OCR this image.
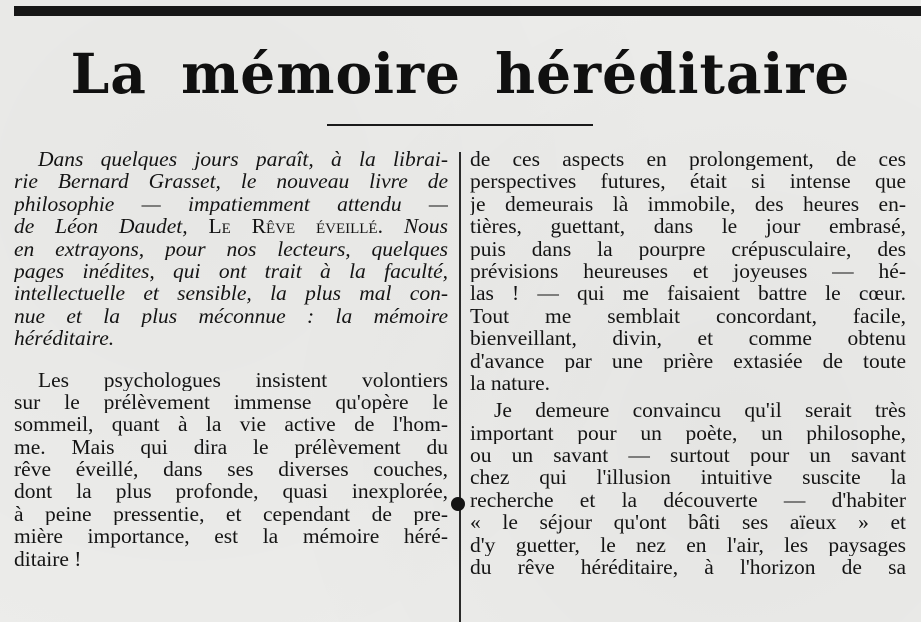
La mémoire héréditaire
Dans quelques jours paraît, à la librai-
rie Bernard Grasset, le nouveau livre de
philosophie — impatiemment attendu —
de Léon Daudet, Le Rêve éveillé. Nous
en extrayons, pour nos lecteurs, quelques
pages inédites, qui ont trait à la faculté,
intellectuelle et sensible, la plus mal con-
nue et la plus méconnue : la mémoire
héréditaire.
Les psychologues insistent volontiers
sur le prélèvement immense qu'opère le
sommeil, quant à la vie active de l'hom-
me. Mais qui dira le prélèvement du
rêve éveillé, dans ses diverses couches,
dont la plus profonde, quasi inexplorée,
à peine pressentie, et cependant de pre-
mière importance, est la mémoire héré-
ditaire !
de ces aspects en prolongement, de ces
perspectives futures, était si intense que
je demeurais là immobile, des heures en-
tières, guettant, dans le jour embrasé,
puis dans la pourpre crépusculaire, des
prévisions heureuses et joyeuses — hé-
las ! — qui me faisaient battre le cœur.
Tout me semblait concordant, facile,
bienveillant, divin, et comme obtenu
d'avance par une prière extasiée de toute
la nature.
Je demeure convaincu qu'il serait très
important pour un poète, un philosophe,
ou un savant — surtout pour un savant
chez qui l'illusion intuitive suscite la
recherche et la découverte — d'habiter
« le séjour qu'ont bâti ses aïeux » et
d'y guetter, le nez en l'air, les paysages
du rêve héréditaire, à l'horizon de sa
